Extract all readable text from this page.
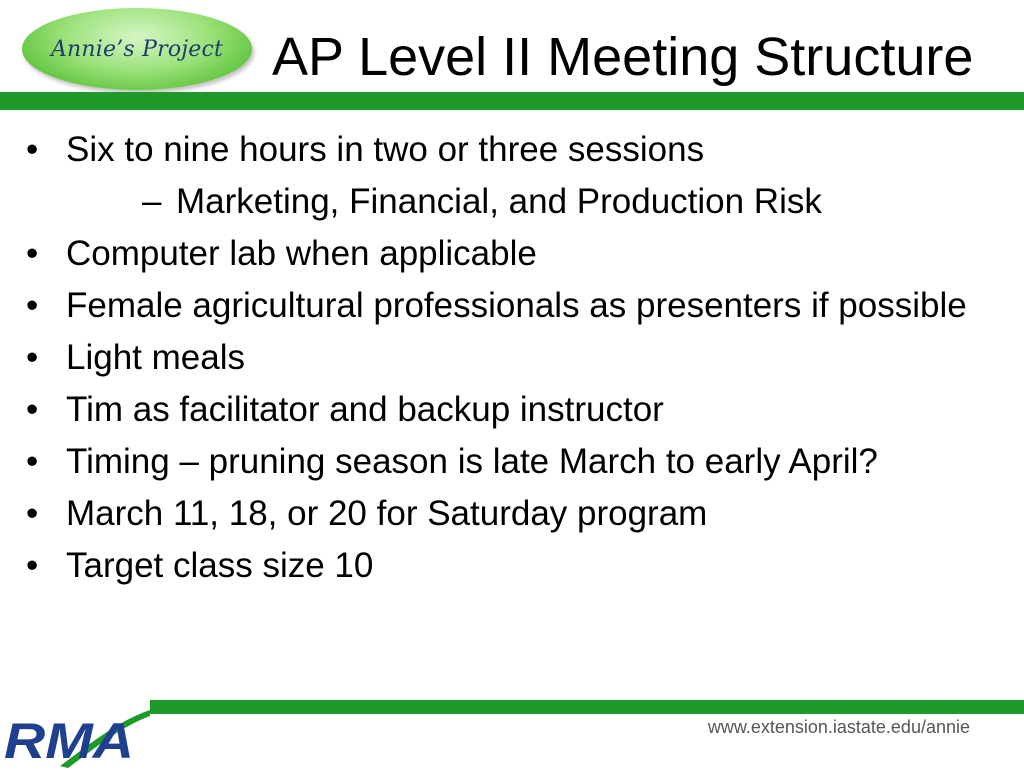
Annie’s Project AP Level II Meeting Structure
• Six to nine hours in two or three sessions
– Marketing, Financial, and Production Risk
• Computer lab when applicable
• Female agricultural professionals as presenters if possible
• Light meals
• Tim as facilitator and backup instructor
• Timing – pruning season is late March to early April?
• March 11, 18, or 20 for Saturday program
• Target class size 10
RMA	www.extension.iastate.edu/annie
